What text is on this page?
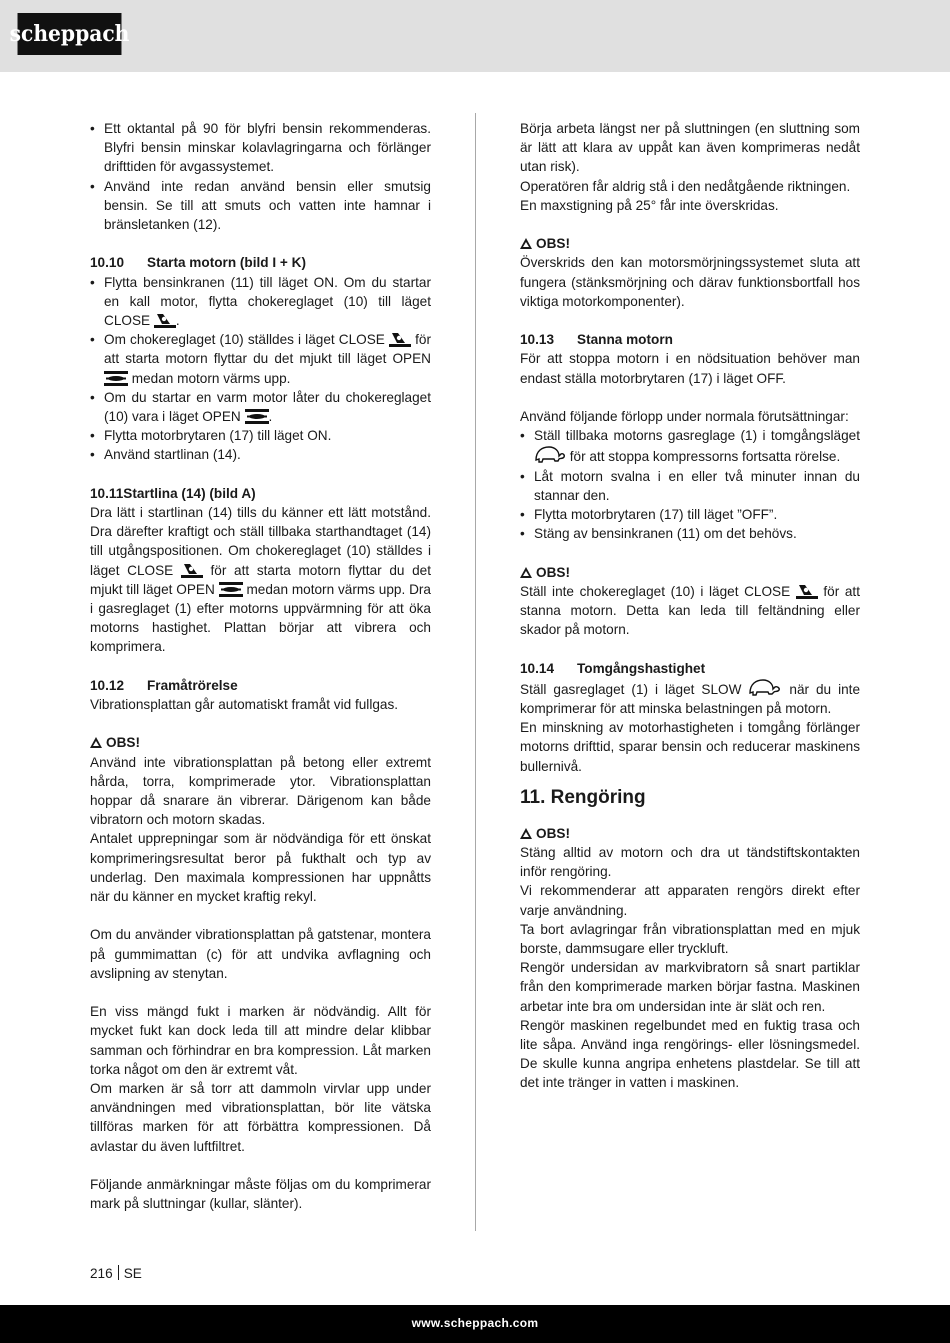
scheppach

• Ett oktantal på 90 för blyfri bensin rekommenderas. Blyfri bensin minskar kolavlagringarna och förlänger drifttiden för avgassystemet.

• Använd inte redan använd bensin eller smutsig bensin. Se till att smuts och vatten inte hamnar i bränsletanken (12).

10.10 Starta motorn (bild I + K)

• Flytta bensinkranen (11) till läget ON. Om du startar en kall motor, flytta chokereglaget (10) till läget CLOSE .

• Om chokereglaget (10) ställdes i läget CLOSE för att starta motorn flyttar du det mjukt till läget OPEN  medan motorn värms upp.

• Om du startar en varm motor låter du chokereglaget (10) vara i läget OPEN .

• Flytta motorbrytaren (17) till läget ON.

• Använd startlinan (14).

10.11Startlina (14) (bild A)

Dra lätt i startlinan (14) tills du känner ett lätt motstånd. Dra därefter kraftigt och ställ tillbaka starthandtaget (14) till utgångspositionen. Om chokereglaget (10) ställdes i läget CLOSE	för att starta motorn flyttar du det mjukt till läget OPEN medan motorn värms upp. Dra i gasreglaget (1) efter motorns uppvärmning för att öka motorns hastighet. Plattan börjar att vibrera och komprimera.

10.12 Framåtrörelse

Vibrationsplattan går automatiskt framåt vid fullgas.

OBS!

Använd inte vibrationsplattan på betong eller extremt hårda, torra, komprimerade ytor. Vibrationsplattan hoppar då snarare än vibrerar. Därigenom kan både vibratorn och motorn skadas.

Antalet upprepningar som är nödvändiga för ett önskat komprimeringsresultat beror på fukthalt och typ av underlag. Den maximala kompressionen har uppnåtts när du känner en mycket kraftig rekyl.

Om du använder vibrationsplattan på gatstenar, montera på gummimattan (c) för att undvika avflagning och avslipning av stenytan.

En viss mängd fukt i marken är nödvändig. Allt för mycket fukt kan dock leda till att mindre delar klibbar samman och förhindrar en bra kompression. Låt marken torka något om den är extremt våt.

Om marken är så torr att dammoln virvlar upp under användningen med vibrationsplattan, bör lite vätska tillföras marken för att förbättra kompressionen. Då avlastar du även luftfiltret.

Följande anmärkningar måste följas om du komprimerar mark på sluttningar (kullar, slänter).

Börja arbeta längst ner på sluttningen (en sluttning som är lätt att klara av uppåt kan även komprimeras nedåt utan risk).

Operatören får aldrig stå i den nedåtgående riktningen.

En maxstigning på 25° får inte överskridas.

OBS!

Överskrids den kan motorsmörjningssystemet sluta att fungera (stänksmörjning och därav funktionsbortfall hos viktiga motorkomponenter).

10.13 Stanna motorn

För att stoppa motorn i en nödsituation behöver man endast ställa motorbrytaren (17) i läget OFF.

Använd följande förlopp under normala förutsättningar:

• Ställ tillbaka motorns gasreglage (1) i tomgångsläget  för att stoppa kompressorns fortsatta rörelse.

• Låt motorn svalna i en eller två minuter innan du stannar den.

• Flytta motorbrytaren (17) till läget ”OFF”.

• Stäng av bensinkranen (11) om det behövs.

OBS!

Ställ inte chokereglaget (10) i läget CLOSE för att stanna motorn. Detta kan leda till feltändning eller skador på motorn.

10.14 Tomgångshastighet

Ställ gasreglaget (1) i läget SLOW	när du inte komprimerar för att minska belastningen på motorn.

En minskning av motorhastigheten i tomgång förlänger motorns drifttid, sparar bensin och reducerar maskinens bullernivå.

11. Rengöring

OBS!

Stäng alltid av motorn och dra ut tändstiftskontakten inför rengöring.

Vi rekommenderar att apparaten rengörs direkt efter varje användning.

Ta bort avlagringar från vibrationsplattan med en mjuk borste, dammsugare eller tryckluft.

Rengör undersidan av markvibratorn så snart partiklar från den komprimerade marken börjar fastna. Maskinen arbetar inte bra om undersidan inte är slät och ren.

Rengör maskinen regelbundet med en fuktig trasa och lite såpa. Använd inga rengörings- eller lösningsmedel. De skulle kunna angripa enhetens plastdelar. Se till att det inte tränger in vatten i maskinen.

216 SE
www.scheppach.com
